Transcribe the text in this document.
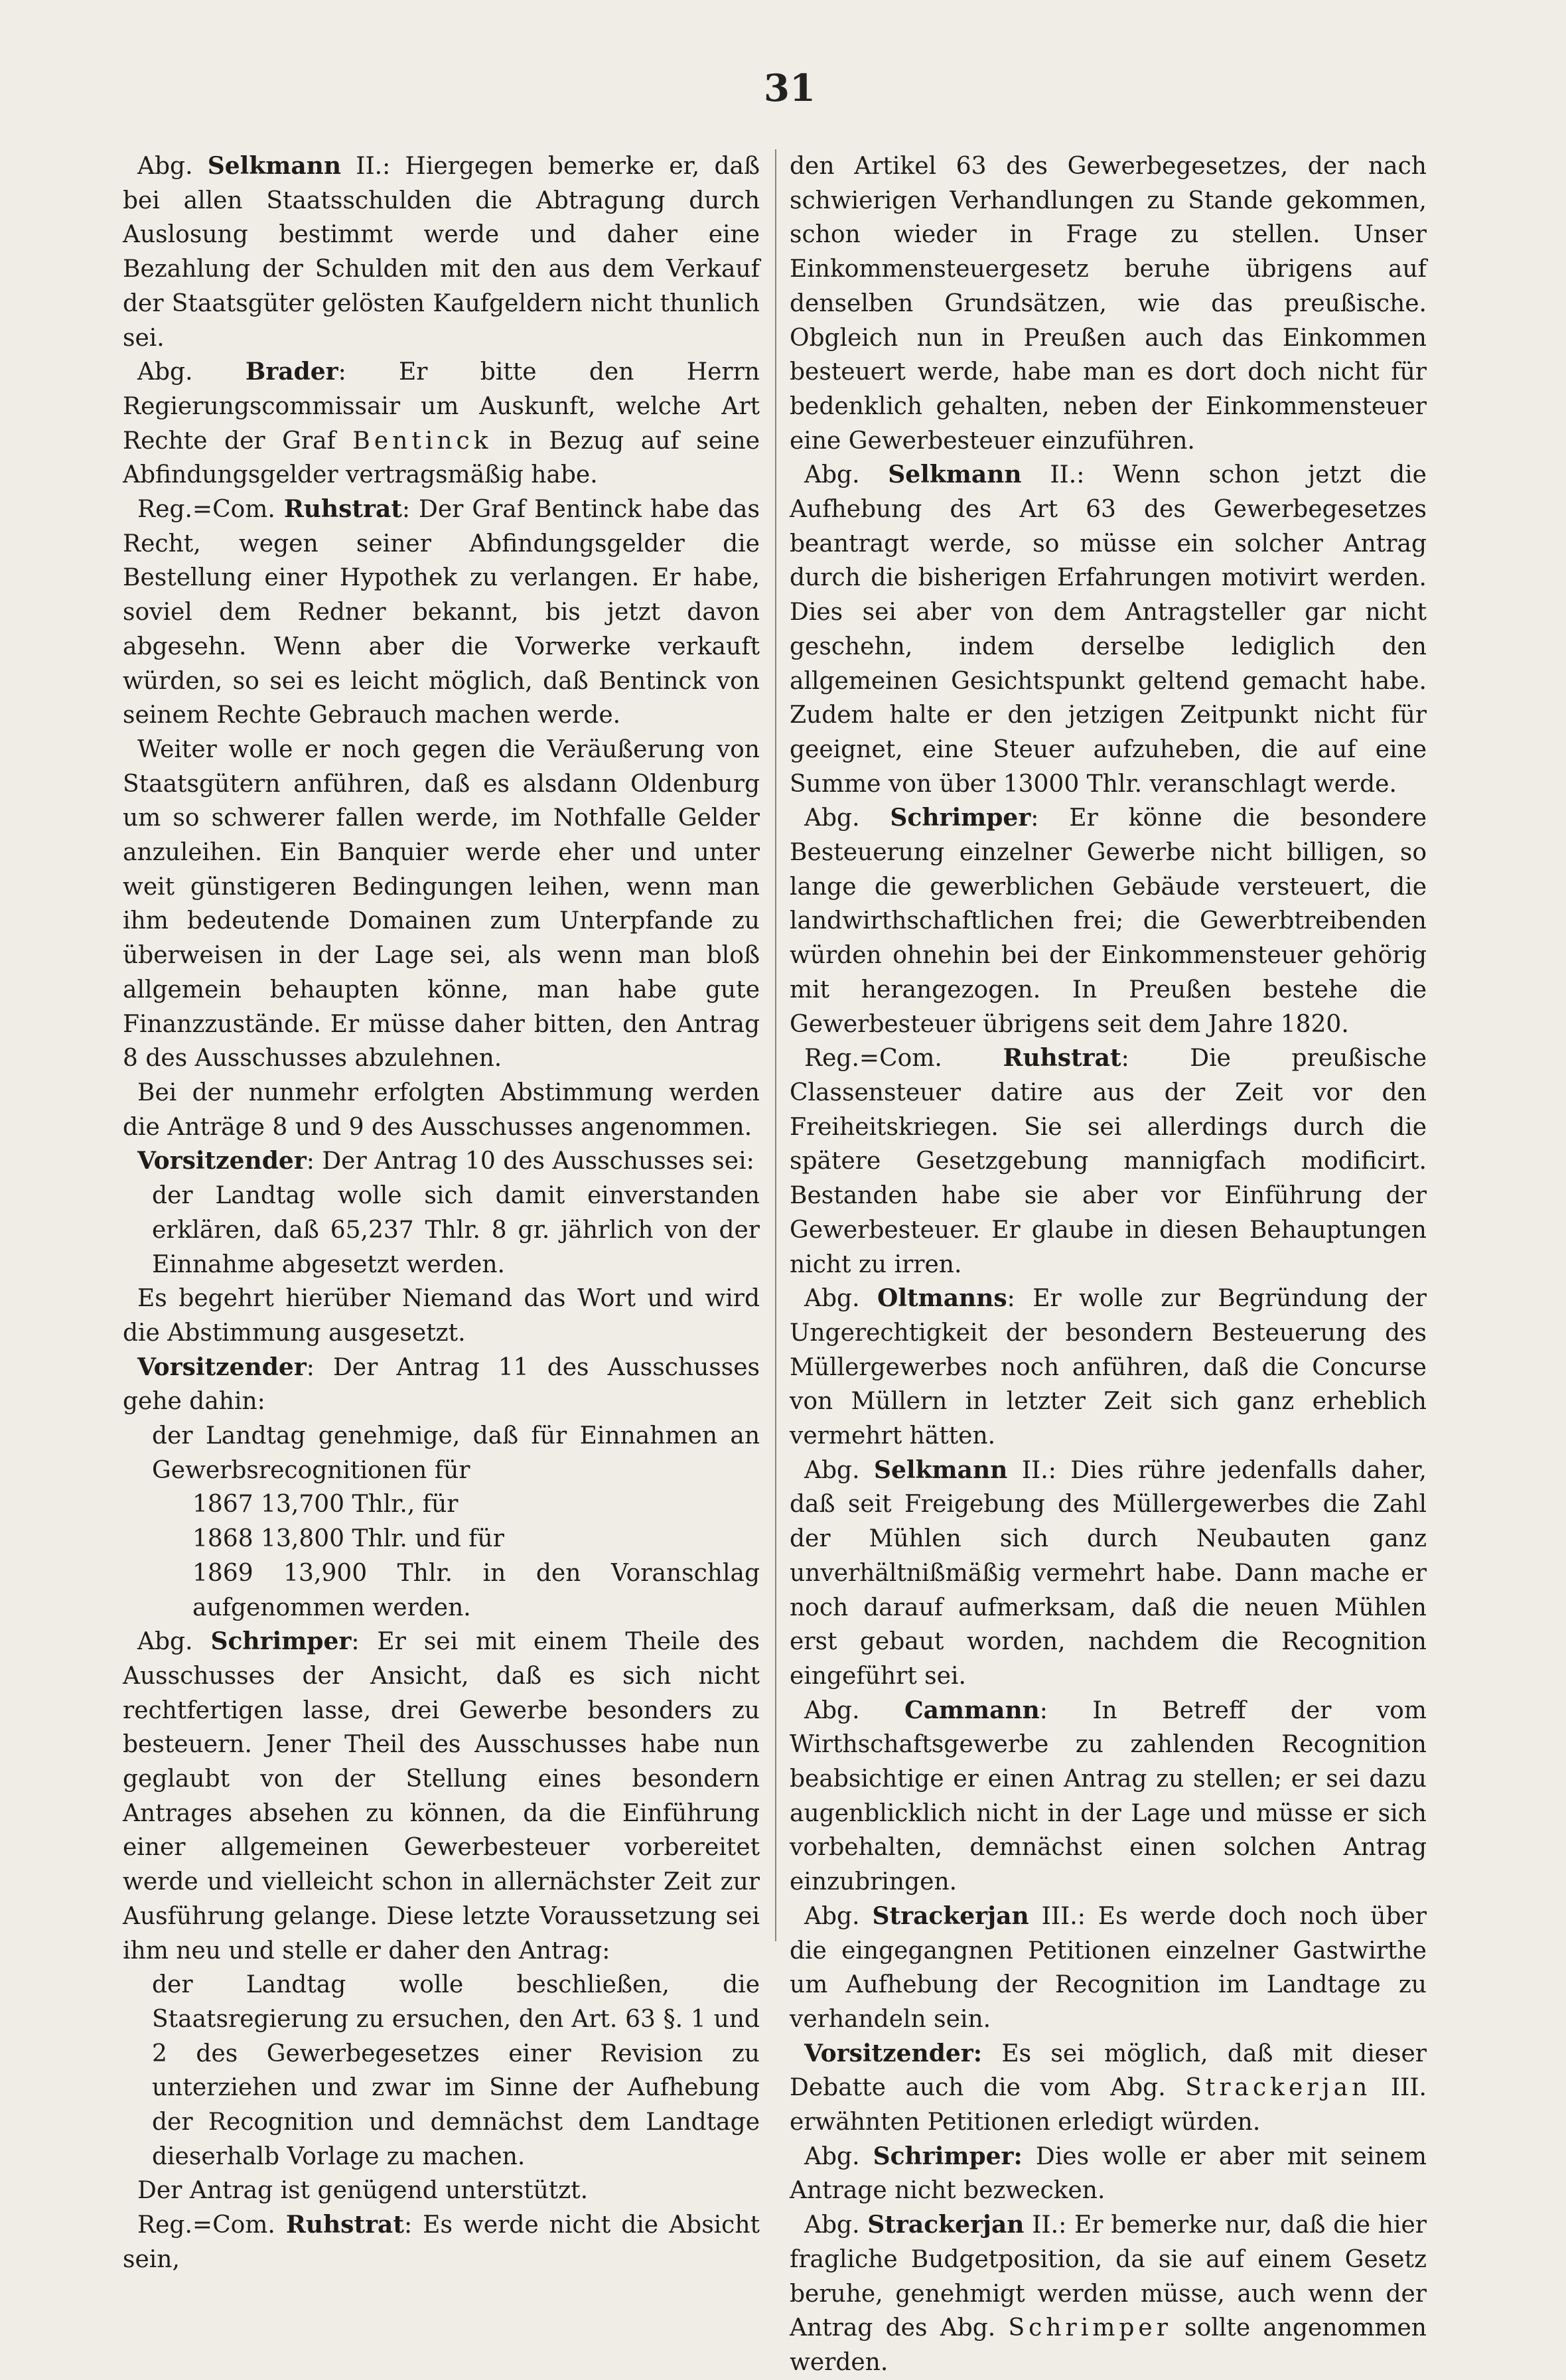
31

Abg. Selkmann II.: Hiergegen bemerke er, daß bei allen Staatsschulden die Abtragung durch Auslosung bestimmt werde und daher eine Bezahlung der Schulden mit den aus dem Verkauf der Staatsgüter gelösten Kaufgeldern nicht thunlich sei.

Abg. Brader: Er bitte den Herrn Regierungscommissair um Auskunft, welche Art Rechte der Graf Bentinck in Bezug auf seine Abfindungsgelder vertragsmäßig habe.

Reg.=Com. Ruhstrat: Der Graf Bentinck habe das Recht, wegen seiner Abfindungsgelder die Bestellung einer Hypothek zu verlangen. Er habe, soviel dem Redner bekannt, bis jetzt davon abgesehn. Wenn aber die Vorwerke verkauft würden, so sei es leicht möglich, daß Bentinck von seinem Rechte Gebrauch machen werde.

Weiter wolle er noch gegen die Veräußerung von Staatsgütern anführen, daß es alsdann Oldenburg um so schwerer fallen werde, im Nothfalle Gelder anzuleihen. Ein Banquier werde eher und unter weit günstigeren Bedingungen leihen, wenn man ihm bedeutende Domainen zum Unterpfande zu überweisen in der Lage sei, als wenn man bloß allgemein behaupten könne, man habe gute Finanzzustände. Er müsse daher bitten, den Antrag 8 des Ausschusses abzulehnen.

Bei der nunmehr erfolgten Abstimmung werden die Anträge 8 und 9 des Ausschusses angenommen.

Vorsitzender: Der Antrag 10 des Ausschusses sei:

der Landtag wolle sich damit einverstanden erklären, daß 65,237 Thlr. 8 gr. jährlich von der Einnahme abgesetzt werden.

Es begehrt hierüber Niemand das Wort und wird die Abstimmung ausgesetzt.

Vorsitzender: Der Antrag 11 des Ausschusses gehe dahin:

der Landtag genehmige, daß für Einnahmen an Gewerbsrecognitionen für

1867 13,700 Thlr., für

1868 13,800 Thlr. und für

1869 13,900 Thlr. in den Voranschlag aufgenommen werden.

Abg. Schrimper: Er sei mit einem Theile des Ausschusses der Ansicht, daß es sich nicht rechtfertigen lasse, drei Gewerbe besonders zu besteuern. Jener Theil des Ausschusses habe nun geglaubt von der Stellung eines besondern Antrages absehen zu können, da die Einführung einer allgemeinen Gewerbesteuer vorbereitet werde und vielleicht schon in allernächster Zeit zur Ausführung gelange. Diese letzte Voraussetzung sei ihm neu und stelle er daher den Antrag:

der Landtag wolle beschließen, die Staatsregierung zu ersuchen, den Art. 63 §. 1 und 2 des Gewerbegesetzes einer Revision zu unterziehen und zwar im Sinne der Aufhebung der Recognition und demnächst dem Landtage dieserhalb Vorlage zu machen.

Der Antrag ist genügend unterstützt.

Reg.=Com. Ruhstrat: Es werde nicht die Absicht sein,

den Artikel 63 des Gewerbegesetzes, der nach schwierigen Verhandlungen zu Stande gekommen, schon wieder in Frage zu stellen. Unser Einkommensteuergesetz beruhe übrigens auf denselben Grundsätzen, wie das preußische. Obgleich nun in Preußen auch das Einkommen besteuert werde, habe man es dort doch nicht für bedenklich gehalten, neben der Einkommensteuer eine Gewerbesteuer einzuführen.

Abg. Selkmann II.: Wenn schon jetzt die Aufhebung des Art 63 des Gewerbegesetzes beantragt werde, so müsse ein solcher Antrag durch die bisherigen Erfahrungen motivirt werden. Dies sei aber von dem Antragsteller gar nicht geschehn, indem derselbe lediglich den allgemeinen Gesichtspunkt geltend gemacht habe. Zudem halte er den jetzigen Zeitpunkt nicht für geeignet, eine Steuer aufzuheben, die auf eine Summe von über 13000 Thlr. veranschlagt werde.

Abg. Schrimper: Er könne die besondere Besteuerung einzelner Gewerbe nicht billigen, so lange die gewerblichen Gebäude versteuert, die landwirthschaftlichen frei; die Gewerbtreibenden würden ohnehin bei der Einkommensteuer gehörig mit herangezogen. In Preußen bestehe die Gewerbesteuer übrigens seit dem Jahre 1820.

Reg.=Com. Ruhstrat: Die preußische Classensteuer datire aus der Zeit vor den Freiheitskriegen. Sie sei allerdings durch die spätere Gesetzgebung mannigfach modificirt. Bestanden habe sie aber vor Einführung der Gewerbesteuer. Er glaube in diesen Behauptungen nicht zu irren.

Abg. Oltmanns: Er wolle zur Begründung der Ungerechtigkeit der besondern Besteuerung des Müllergewerbes noch anführen, daß die Concurse von Müllern in letzter Zeit sich ganz erheblich vermehrt hätten.

Abg. Selkmann II.: Dies rühre jedenfalls daher, daß seit Freigebung des Müllergewerbes die Zahl der Mühlen sich durch Neubauten ganz unverhältnißmäßig vermehrt habe. Dann mache er noch darauf aufmerksam, daß die neuen Mühlen erst gebaut worden, nachdem die Recognition eingeführt sei.

Abg. Cammann: In Betreff der vom Wirthschaftsgewerbe zu zahlenden Recognition beabsichtige er einen Antrag zu stellen; er sei dazu augenblicklich nicht in der Lage und müsse er sich vorbehalten, demnächst einen solchen Antrag einzubringen.

Abg. Strackerjan III.: Es werde doch noch über die eingegangnen Petitionen einzelner Gastwirthe um Aufhebung der Recognition im Landtage zu verhandeln sein.

Vorsitzender: Es sei möglich, daß mit dieser Debatte auch die vom Abg. Strackerjan III. erwähnten Petitionen erledigt würden.

Abg. Schrimper: Dies wolle er aber mit seinem Antrage nicht bezwecken.

Abg. Strackerjan II.: Er bemerke nur, daß die hier fragliche Budgetposition, da sie auf einem Gesetz beruhe, genehmigt werden müsse, auch wenn der Antrag des Abg. Schrimper sollte angenommen werden.
